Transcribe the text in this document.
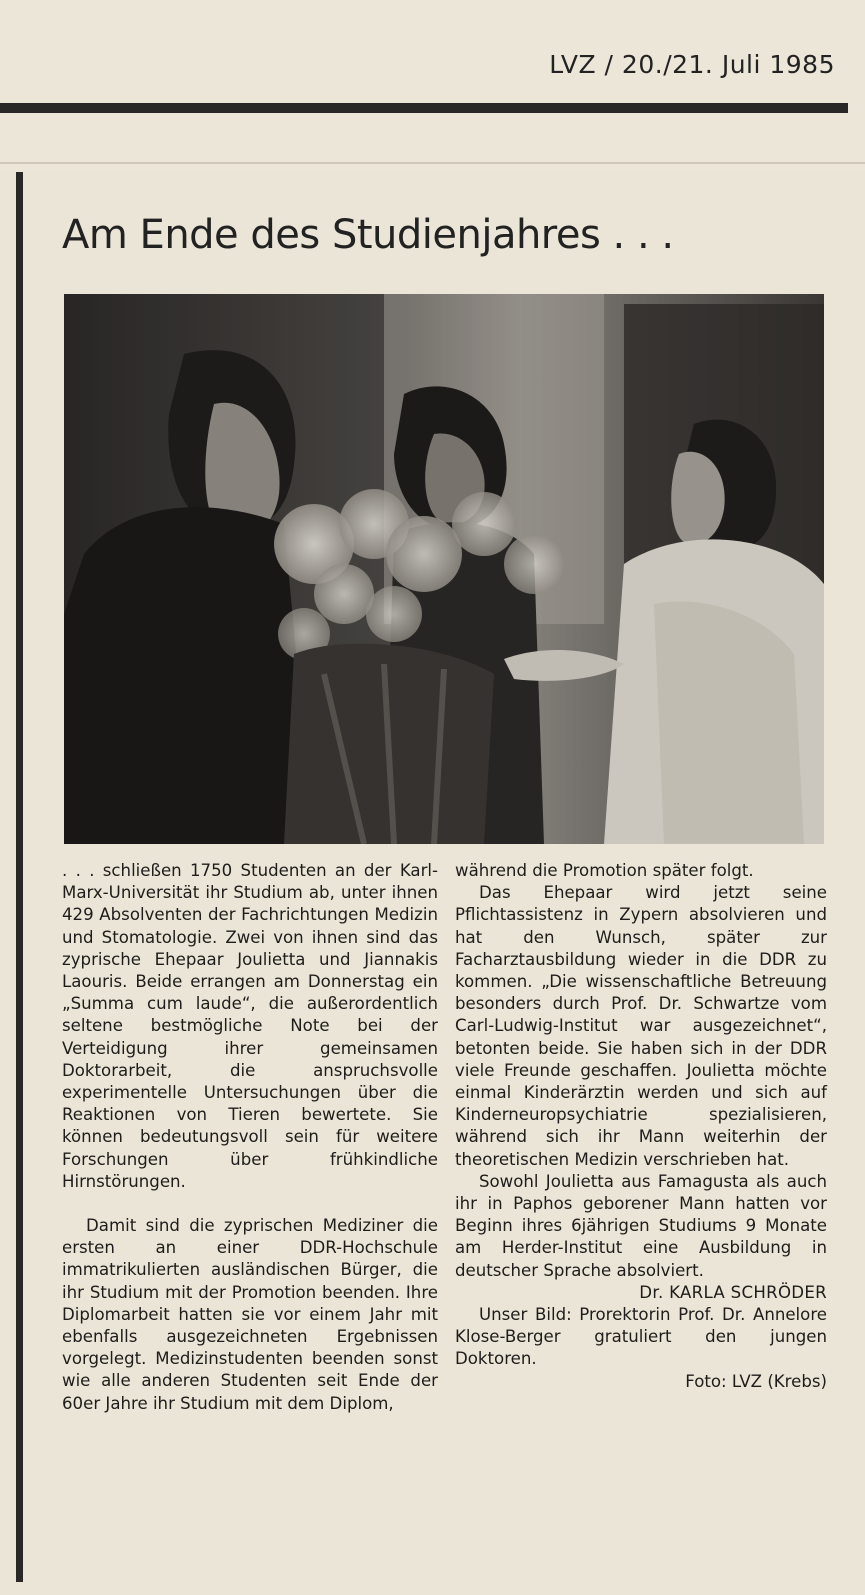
LVZ / 20./21. Juli 1985
Am Ende des Studienjahres . . .

. . . schließen 1750 Studenten an der Karl-Marx-Universität ihr Studium ab, unter ihnen 429 Absolventen der Fachrichtungen Medizin und Stomatologie. Zwei von ihnen sind das zyprische Ehepaar Joulietta und Jiannakis Laouris. Beide errangen am Donnerstag ein „Summa cum laude“, die außerordentlich seltene bestmögliche Note bei der Verteidigung ihrer gemeinsamen Doktorarbeit, die anspruchsvolle experimentelle Untersuchungen über die Reaktionen von Tieren bewertete. Sie können bedeutungsvoll sein für weitere Forschungen über frühkindliche Hirnstörungen.

Damit sind die zyprischen Mediziner die ersten an einer DDR-Hochschule immatrikulierten ausländischen Bürger, die ihr Studium mit der Promotion beenden. Ihre Diplomarbeit hatten sie vor einem Jahr mit ebenfalls ausgezeichneten Ergebnissen vorgelegt. Medizinstudenten beenden sonst wie alle anderen Studenten seit Ende der 60er Jahre ihr Studium mit dem Diplom,

während die Promotion später folgt.

Das Ehepaar wird jetzt seine Pflichtassistenz in Zypern absolvieren und hat den Wunsch, später zur Facharztausbildung wieder in die DDR zu kommen. „Die wissenschaftliche Betreuung besonders durch Prof. Dr. Schwartze vom Carl-Ludwig-Institut war ausgezeichnet“, betonten beide. Sie haben sich in der DDR viele Freunde geschaffen. Joulietta möchte einmal Kinderärztin werden und sich auf Kinderneuropsychiatrie spezialisieren, während sich ihr Mann weiterhin der theoretischen Medizin verschrieben hat.

Sowohl Joulietta aus Famagusta als auch ihr in Paphos geborener Mann hatten vor Beginn ihres 6jährigen Studiums 9 Monate am Herder-Institut eine Ausbildung in deutscher Sprache absolviert.

Dr. KARLA SCHRÖDER

Unser Bild: Prorektorin Prof. Dr. Annelore Klose-Berger gratuliert den jungen Doktoren.

Foto: LVZ (Krebs)
